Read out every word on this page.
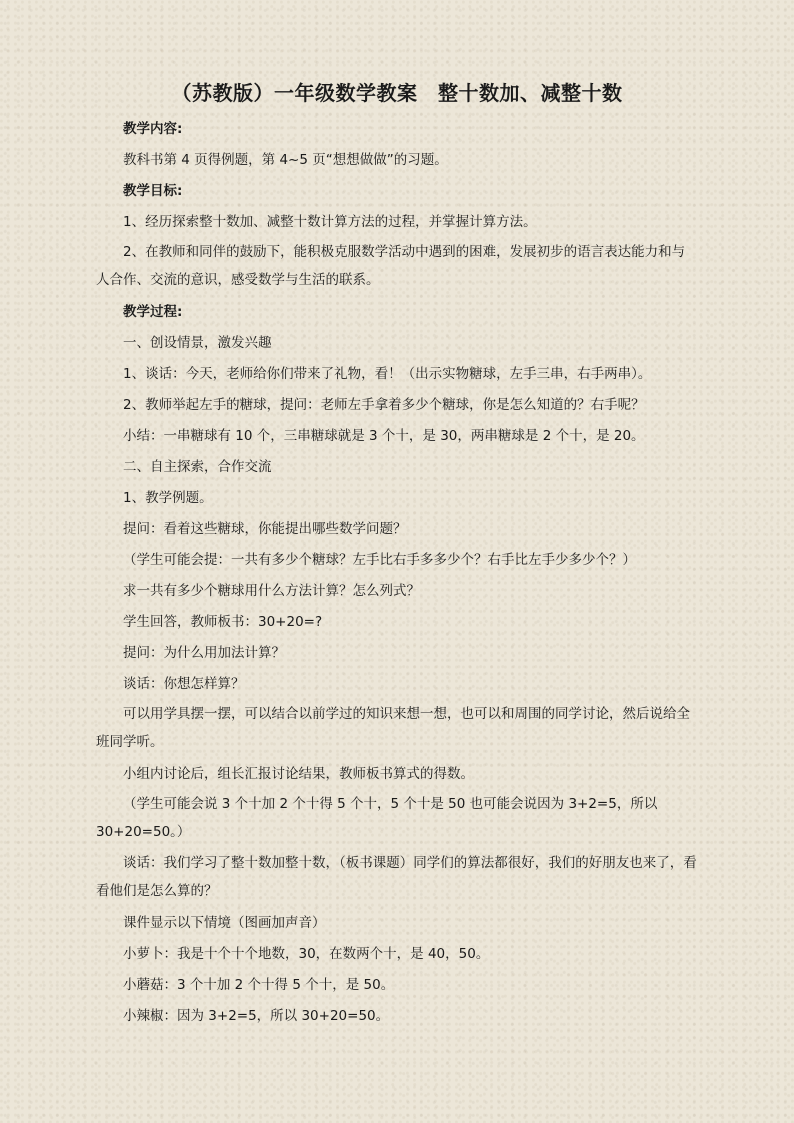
（苏教版）一年级数学教案　整十数加、减整十数

教学内容:

教科书第 4 页得例题，第 4~5 页“想想做做”的习题。

教学目标:

1、经历探索整十数加、减整十数计算方法的过程，并掌握计算方法。

2、在教师和同伴的鼓励下，能积极克服数学活动中遇到的困难，发展初步的语言表达能力和与人合作、交流的意识，感受数学与生活的联系。

教学过程:

一、创设情景，激发兴趣

1、谈话：今天，老师给你们带来了礼物，看！（出示实物糖球，左手三串，右手两串）。

2、教师举起左手的糖球，提问：老师左手拿着多少个糖球，你是怎么知道的？右手呢？

小结：一串糖球有 10 个，三串糖球就是 3 个十，是 30，两串糖球是 2 个十，是 20。

二、自主探索，合作交流

1、教学例题。

提问：看着这些糖球，你能提出哪些数学问题？

（学生可能会提：一共有多少个糖球？左手比右手多多少个？右手比左手少多少个？）

求一共有多少个糖球用什么方法计算？怎么列式？

学生回答，教师板书：30+20=?

提问：为什么用加法计算？

谈话：你想怎样算？

可以用学具摆一摆，可以结合以前学过的知识来想一想，也可以和周围的同学讨论，然后说给全班同学听。

小组内讨论后，组长汇报讨论结果，教师板书算式的得数。

（学生可能会说 3 个十加 2 个十得 5 个十，5 个十是 50 也可能会说因为 3+2=5，所以30+20=50。）

谈话：我们学习了整十数加整十数，（板书课题）同学们的算法都很好，我们的好朋友也来了，看看他们是怎么算的？

课件显示以下情境（图画加声音）

小萝卜：我是十个十个地数，30，在数两个十，是 40，50。

小蘑菇：3 个十加 2 个十得 5 个十，是 50。

小辣椒：因为 3+2=5，所以 30+20=50。
